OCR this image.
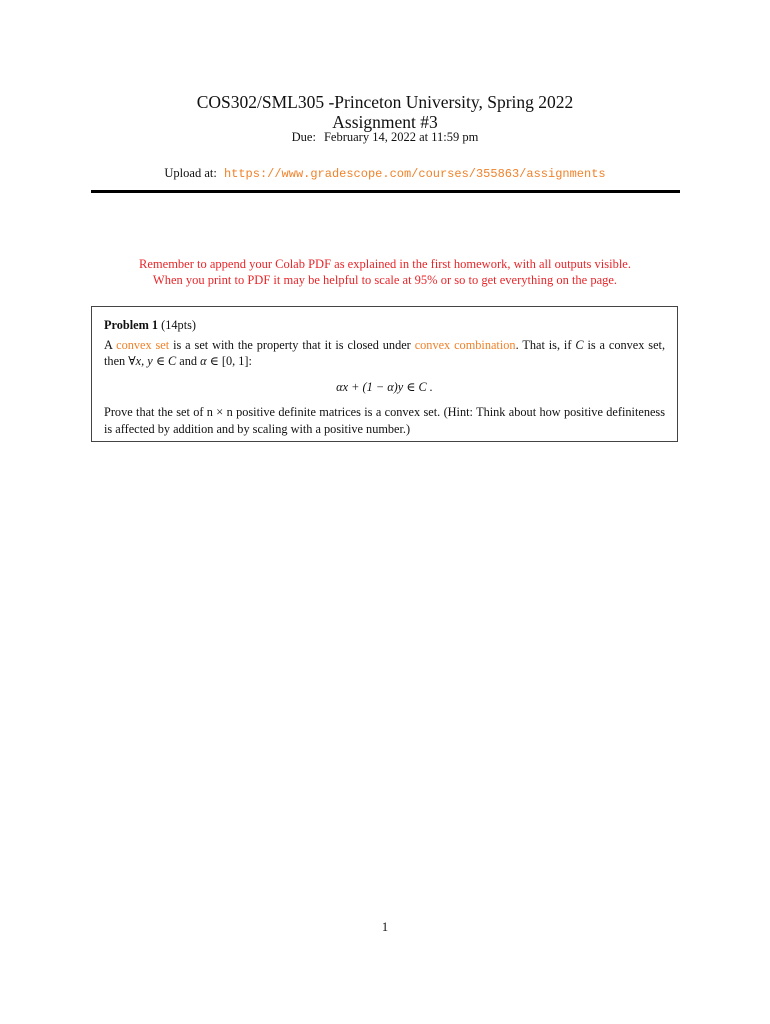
COS302/SML305 -Princeton University, Spring 2022
Assignment #3
Due: February 14, 2022 at 11:59 pm
Upload at: https://www.gradescope.com/courses/355863/assignments
Remember to append your Colab PDF as explained in the first homework, with all outputs visible.
When you print to PDF it may be helpful to scale at 95% or so to get everything on the page.
Problem 1 (14pts)

A convex set is a set with the property that it is closed under convex combination. That is, if C is a convex set, then ∀x, y ∈ C and α ∈ [0, 1]:

αx + (1 − α)y ∈ C .

Prove that the set of n × n positive definite matrices is a convex set. (Hint: Think about how positive definiteness is affected by addition and by scaling with a positive number.)

1
